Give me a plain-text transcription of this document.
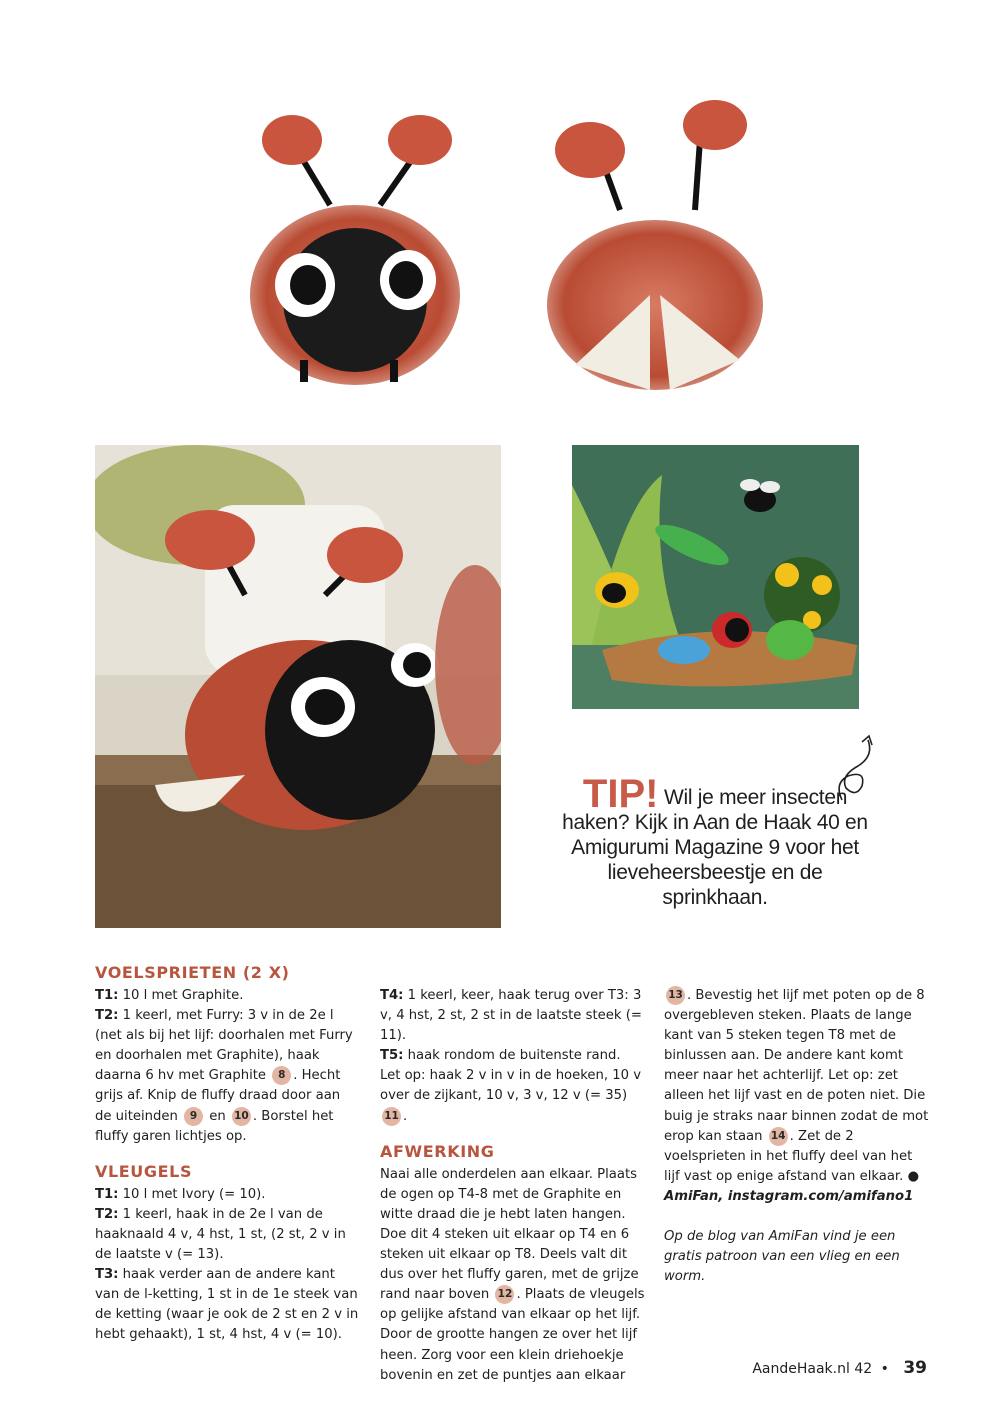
TIP! Wil je meer insecten haken? Kijk in Aan de Haak 40 en Amigurumi Magazine 9 voor het lieveheersbeestje en de sprinkhaan.
VOELSPRIETEN (2 X)

T1: 10 l met Graphite.

T2: 1 keerl, met Furry: 3 v in de 2e l (net als bij het lijf: doorhalen met Furry en doorhalen met Graphite), haak daarna 6 hv met Graphite 8 . Hecht grijs af. Knip de fluffy draad door aan de uiteinden 9 en 10 . Borstel het fluffy garen lichtjes op.

VLEUGELS

T1: 10 l met Ivory (= 10).

T2: 1 keerl, haak in de 2e l van de haaknaald 4 v, 4 hst, 1 st, (2 st, 2 v in de laatste v (= 13).

T3: haak verder aan de andere kant van de l-ketting, 1 st in de 1e steek van de ketting (waar je ook de 2 st en 2 v in hebt gehaakt), 1 st, 4 hst, 4 v (= 10).

T4: 1 keerl, keer, haak terug over T3: 3 v, 4 hst, 2 st, 2 st in de laatste steek (= 11).

T5: haak rondom de buitenste rand. Let op: haak 2 v in v in de hoeken, 10 v over de zijkant, 10 v, 3 v, 12 v (= 35) 11 .

AFWERKING

Naai alle onderdelen aan elkaar. Plaats de ogen op T4-8 met de Graphite en witte draad die je hebt laten hangen. Doe dit 4 steken uit elkaar op T4 en 6 steken uit elkaar op T8. Deels valt dit dus over het fluffy garen, met de grijze rand naar boven 12 . Plaats de vleugels op gelijke afstand van elkaar op het lijf. Door de grootte hangen ze over het lijf heen. Zorg voor een klein driehoekje bovenin en zet de puntjes aan elkaar

13 . Bevestig het lijf met poten op de 8 overgebleven steken. Plaats de lange kant van 5 steken tegen T8 met de binlussen aan. De andere kant komt meer naar het achterlijf. Let op: zet alleen het lijf vast en de poten niet. Die buig je straks naar binnen zodat de mot erop kan staan 14 . Zet de 2 voelsprieten in het fluffy deel van het lijf vast op enige afstand van elkaar. ●

AmiFan, instagram.com/amifano1

Op de blog van AmiFan vind je een gratis patroon van een vlieg en een worm.

AandeHaak.nl 42 • 39
